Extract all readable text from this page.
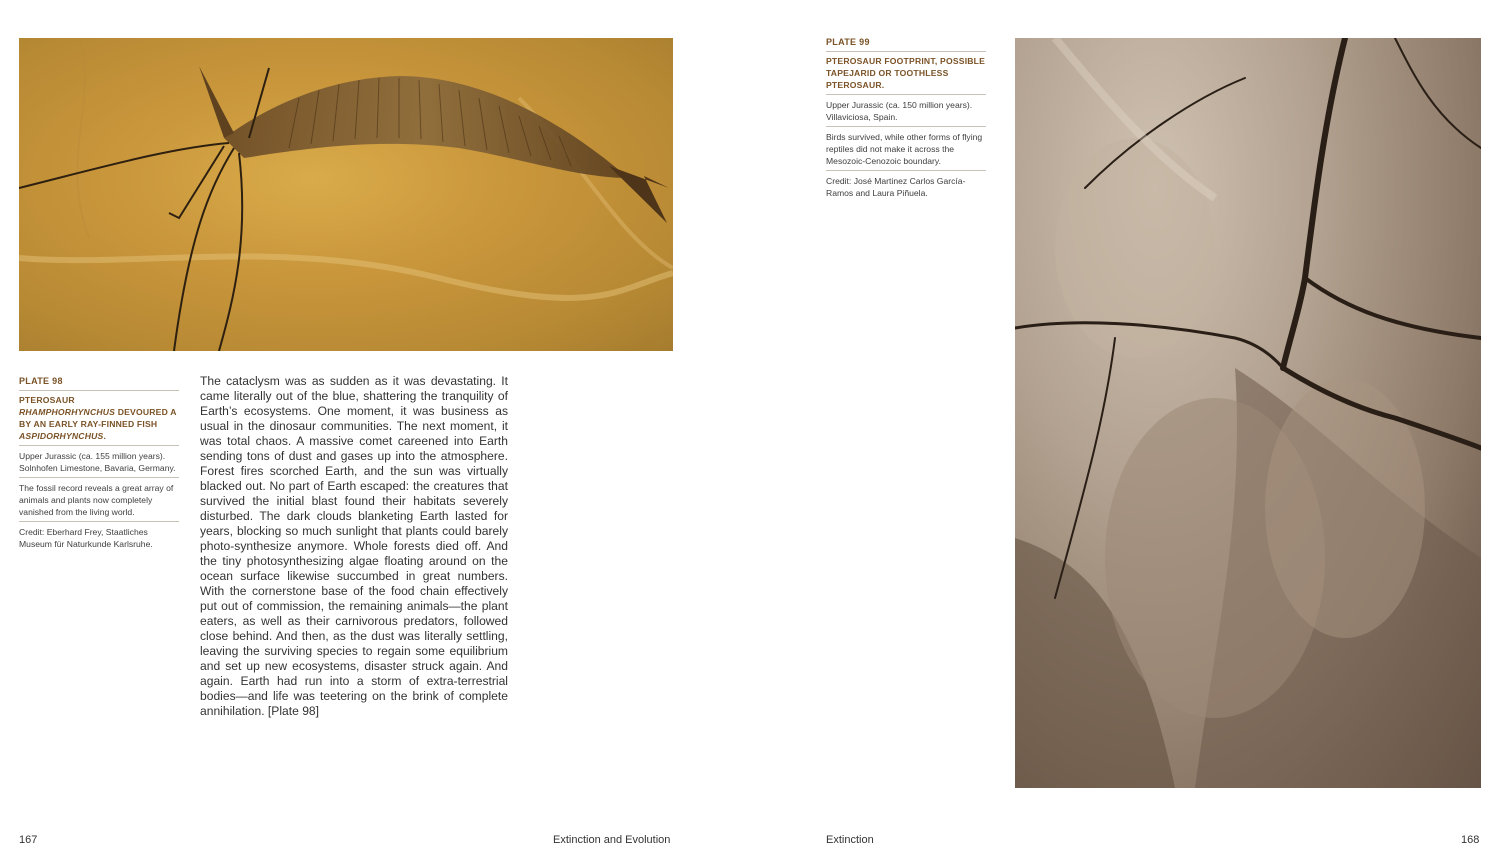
PLATE 98
PTEROSAUR
RHAMPHORHYNCHUS DEVOURED A BY AN EARLY RAY-FINNED FISH ASPIDORHYNCHUS.
Upper Jurassic (ca. 155 million years). Solnhofen Limestone, Bavaria, Germany.
The fossil record reveals a great array of animals and plants now completely vanished from the living world.
Credit: Eberhard Frey, Staatliches Museum für Naturkunde Karlsruhe.
The cataclysm was as sudden as it was devastating. It came literally out of the blue, shattering the tranquility of Earth’s ecosystems. One moment, it was business as usual in the dinosaur communities. The next moment, it was total chaos. A massive comet careened into Earth sending tons of dust and gases up into the atmosphere. Forest fires scorched Earth, and the sun was virtually blacked out. No part of Earth escaped: the creatures that survived the initial blast found their habitats severely disturbed. The dark clouds blanketing Earth lasted for years, blocking so much sunlight that plants could barely photo-synthesize anymore. Whole forests died off. And the tiny photosynthesizing algae floating around on the ocean surface likewise succumbed in great numbers. With the cornerstone base of the food chain effectively put out of commission, the remaining animals—the plant eaters, as well as their carnivorous predators, followed close behind. And then, as the dust was literally settling, leaving the surviving species to regain some equilibrium and set up new ecosystems, disaster struck again. And again. Earth had run into a storm of extra-terrestrial bodies—and life was teetering on the brink of complete annihilation. [Plate 98]
PLATE 99
PTEROSAUR FOOTPRINT, POSSIBLE TAPEJARID OR TOOTHLESS PTEROSAUR.
Upper Jurassic (ca. 150 million years). Villaviciosa, Spain.
Birds survived, while other forms of flying reptiles did not make it across the Mesozoic-Cenozoic boundary.
Credit: José Martinez Carlos García-Ramos and Laura Piñuela.
167	Extinction and Evolution	Extinction	168
